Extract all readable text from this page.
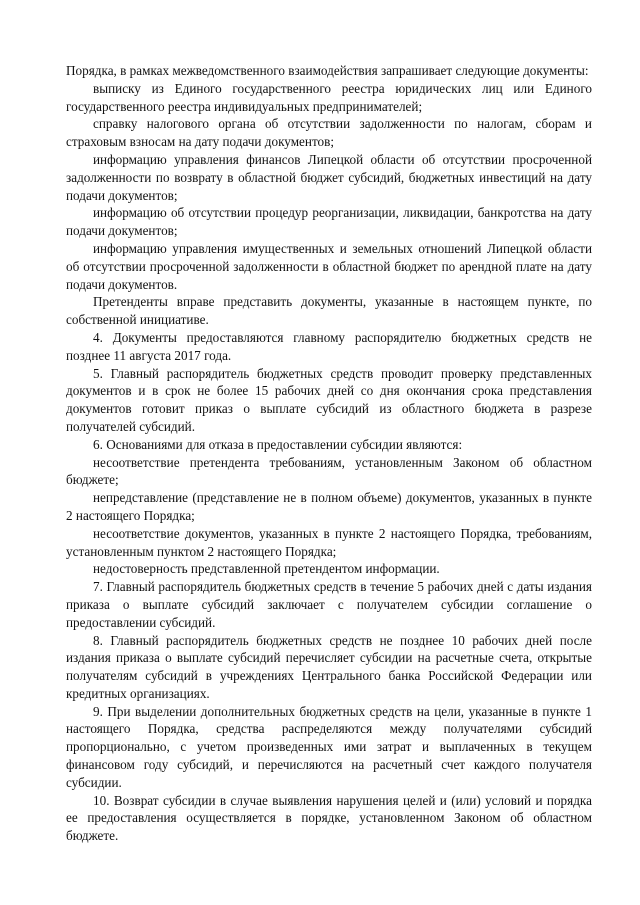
Порядка, в рамках межведомственного взаимодействия запрашивает следующие документы:

выписку из Единого государственного реестра юридических лиц или Единого государственного реестра индивидуальных предпринимателей;

справку налогового органа об отсутствии задолженности по налогам, сборам и страховым взносам на дату подачи документов;

информацию управления финансов Липецкой области об отсутствии просроченной задолженности по возврату в областной бюджет субсидий, бюджетных инвестиций на дату подачи документов;

информацию об отсутствии процедур реорганизации, ликвидации, банкротства на дату подачи документов;

информацию управления имущественных и земельных отношений Липецкой области об отсутствии просроченной задолженности в областной бюджет по арендной плате на дату подачи документов.

Претенденты вправе представить документы, указанные в настоящем пункте, по собственной инициативе.

4. Документы предоставляются главному распорядителю бюджетных средств не позднее 11 августа 2017 года.

5. Главный распорядитель бюджетных средств проводит проверку представленных документов и в срок не более 15 рабочих дней со дня окончания срока представления документов готовит приказ о выплате субсидий из областного бюджета в разрезе получателей субсидий.

6. Основаниями для отказа в предоставлении субсидии являются:

несоответствие претендента требованиям, установленным Законом об областном бюджете;

непредставление (представление не в полном объеме) документов, указанных в пункте 2 настоящего Порядка;

несоответствие документов, указанных в пункте 2 настоящего Порядка, требованиям, установленным пунктом 2 настоящего Порядка;

недостоверность представленной претендентом информации.

7. Главный распорядитель бюджетных средств в течение 5 рабочих дней с даты издания приказа о выплате субсидий заключает с получателем субсидии соглашение о предоставлении субсидий.

8. Главный распорядитель бюджетных средств не позднее 10 рабочих дней после издания приказа о выплате субсидий перечисляет субсидии на расчетные счета, открытые получателям субсидий в учреждениях Центрального банка Российской Федерации или кредитных организациях.

9. При выделении дополнительных бюджетных средств на цели, указанные в пункте 1 настоящего Порядка, средства распределяются между получателями субсидий пропорционально, с учетом произведенных ими затрат и выплаченных в текущем финансовом году субсидий, и перечисляются на расчетный счет каждого получателя субсидии.

10. Возврат субсидии в случае выявления нарушения целей и (или) условий и порядка ее предоставления осуществляется в порядке, установленном Законом об областном бюджете.
